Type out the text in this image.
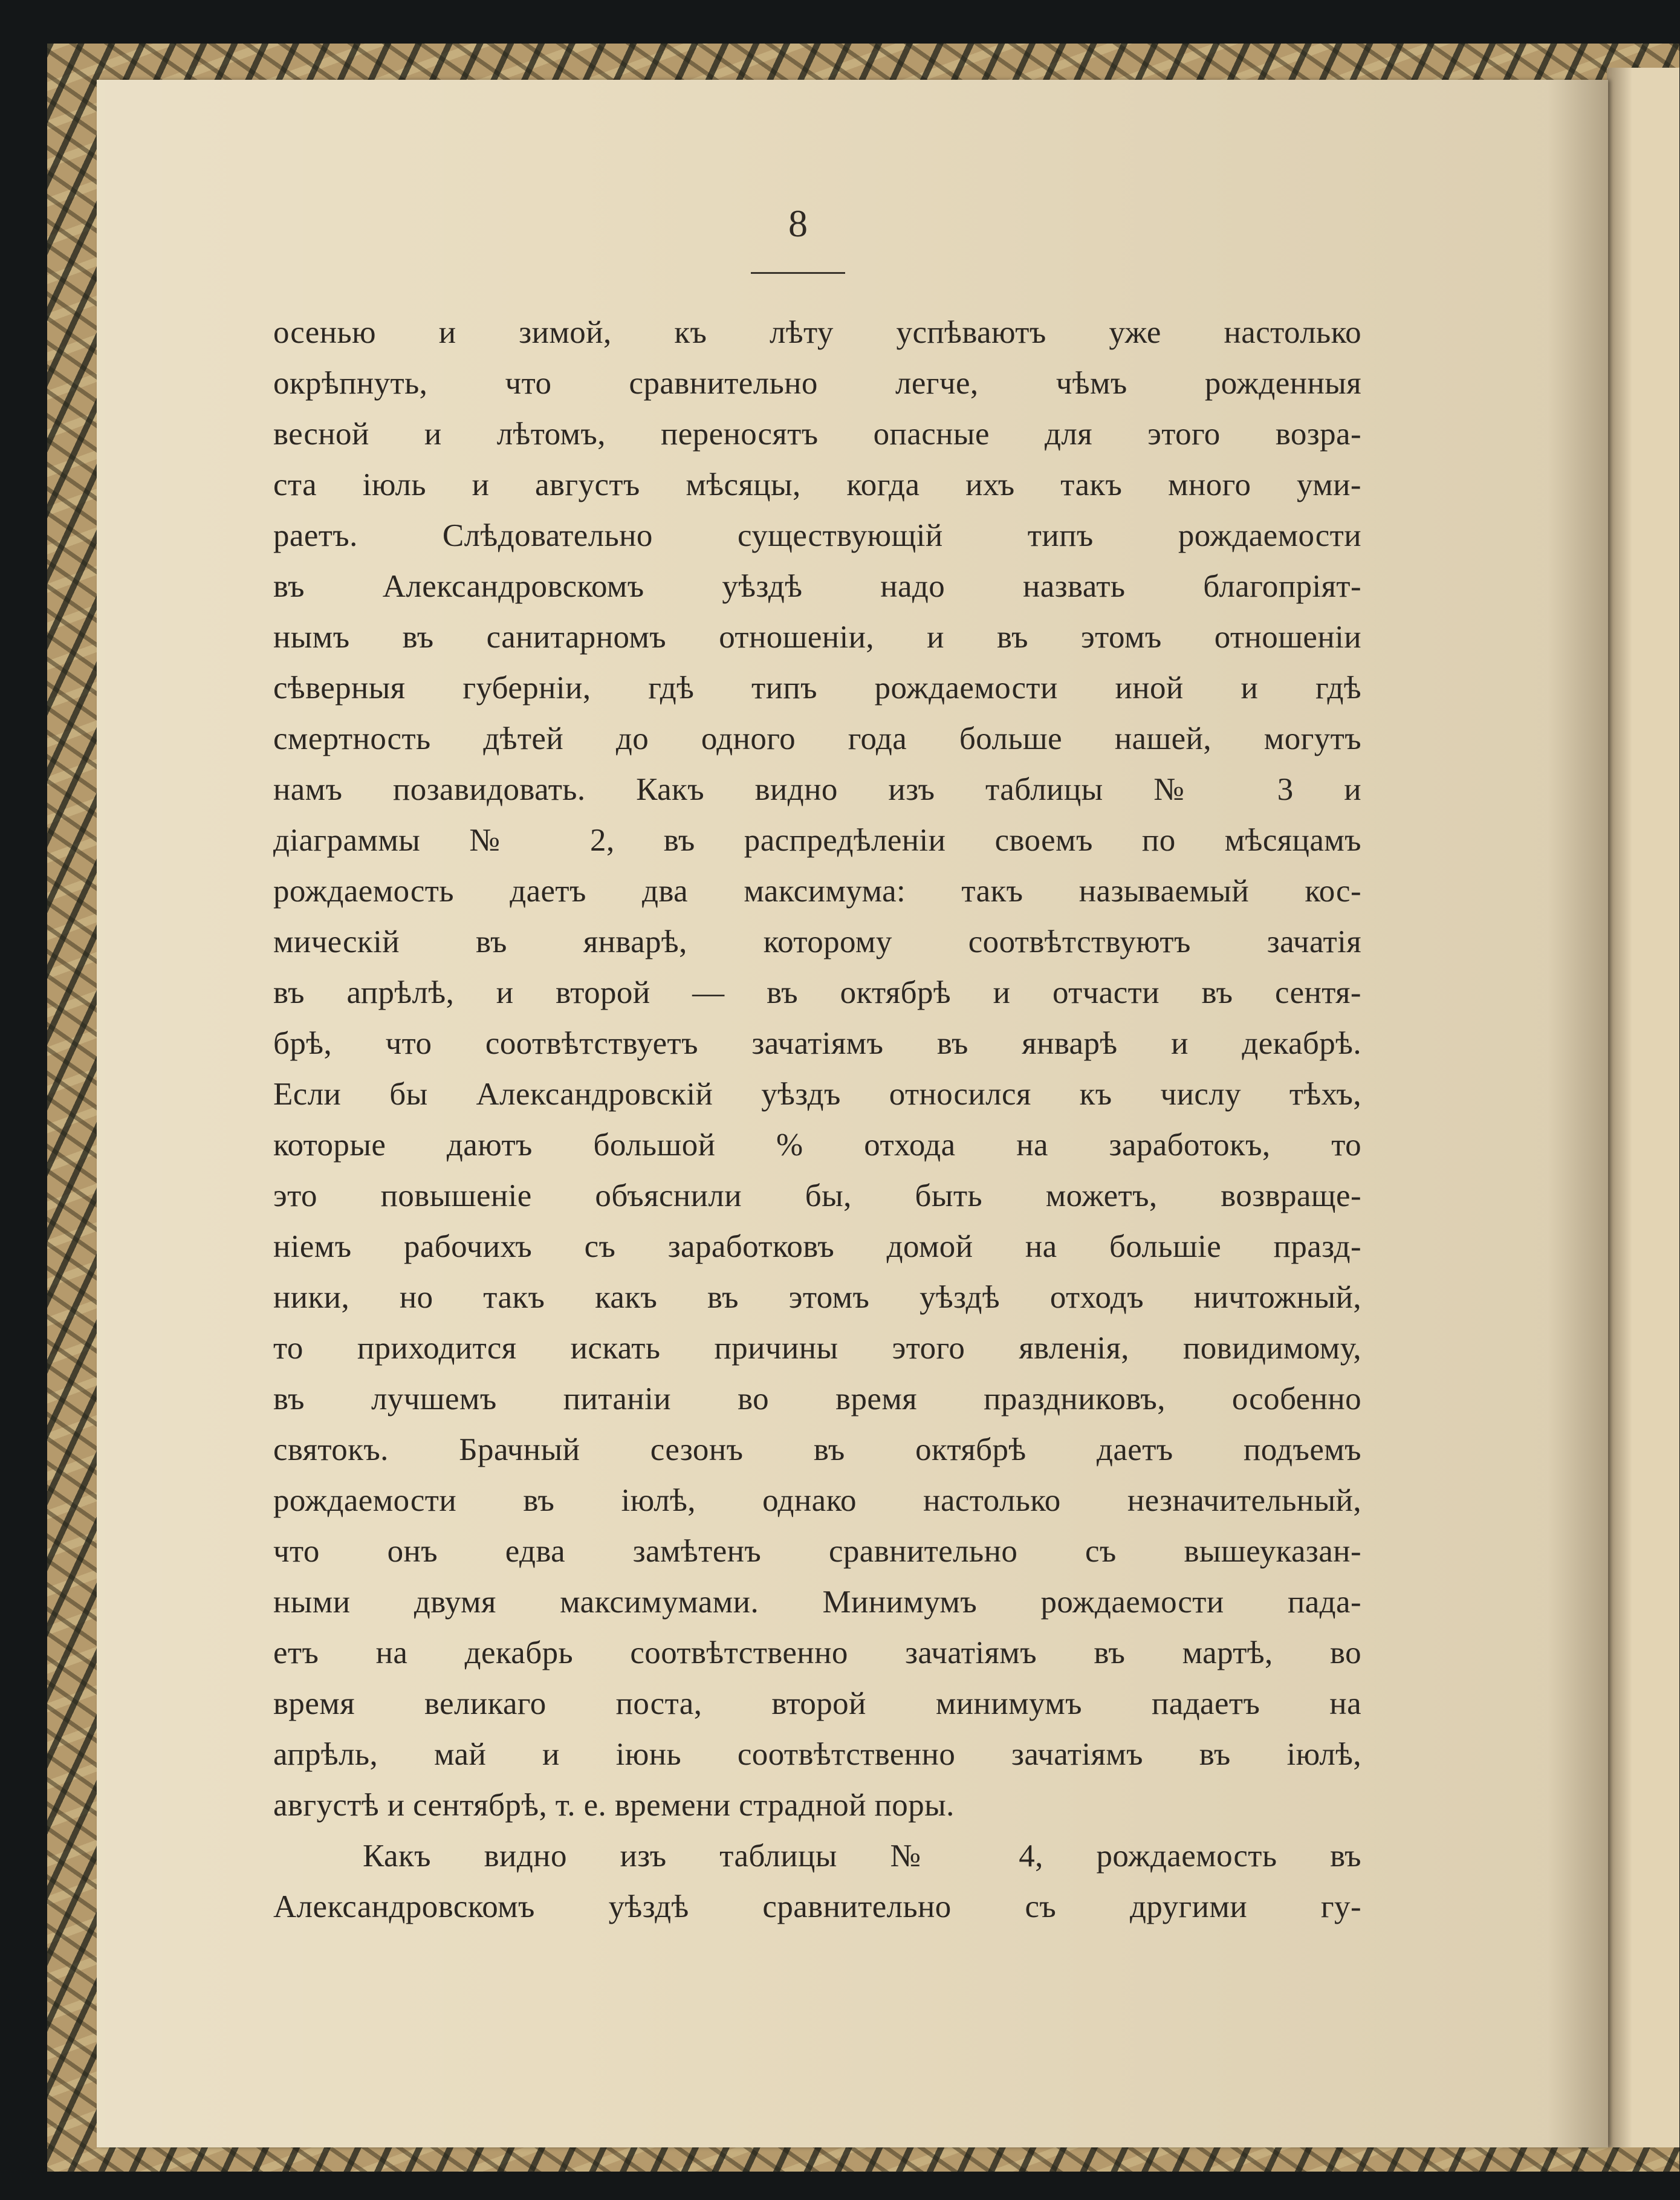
8
осенью и зимой, къ лѣту успѣваютъ уже настолько
окрѣпнуть, что сравнительно легче, чѣмъ рожденныя
весной и лѣтомъ, переносятъ опасные для этого возра-
ста іюль и августъ мѣсяцы, когда ихъ такъ много уми-
раетъ. Слѣдовательно существующій типъ рождаемости
въ Александровскомъ уѣздѣ надо назвать благопріят-
нымъ въ санитарномъ отношеніи, и въ этомъ отношеніи
сѣверныя губерніи, гдѣ типъ рождаемости иной и гдѣ
смертность дѣтей до одного года больше нашей, могутъ
намъ позавидовать. Какъ видно изъ таблицы № 3 и
діаграммы № 2, въ распредѣленіи своемъ по мѣсяцамъ
рождаемость даетъ два максимума: такъ называемый кос-
мическій въ январѣ, которому соотвѣтствуютъ зачатія
въ апрѣлѣ, и второй — въ октябрѣ и отчасти въ сентя-
брѣ, что соотвѣтствуетъ зачатіямъ въ январѣ и декабрѣ.
Если бы Александровскій уѣздъ относился къ числу тѣхъ,
которые даютъ большой % отхода на заработокъ, то
это повышеніе объяснили бы, быть можетъ, возвраще-
ніемъ рабочихъ съ заработковъ домой на большіе празд-
ники, но такъ какъ въ этомъ уѣздѣ отходъ ничтожный,
то приходится искать причины этого явленія, повидимому,
въ лучшемъ питаніи во время праздниковъ, особенно
святокъ. Брачный сезонъ въ октябрѣ даетъ подъемъ
рождаемости въ іюлѣ, однако настолько незначительный,
что онъ едва замѣтенъ сравнительно съ вышеуказан-
ными двумя максимумами. Минимумъ рождаемости пада-
етъ на декабрь соотвѣтственно зачатіямъ въ мартѣ, во
время великаго поста, второй минимумъ падаетъ на
апрѣль, май и іюнь соотвѣтственно зачатіямъ въ іюлѣ,
августѣ и сентябрѣ, т. е. времени страдной поры.
Какъ видно изъ таблицы № 4, рождаемость въ
Александровскомъ уѣздѣ сравнительно съ другими гу-
